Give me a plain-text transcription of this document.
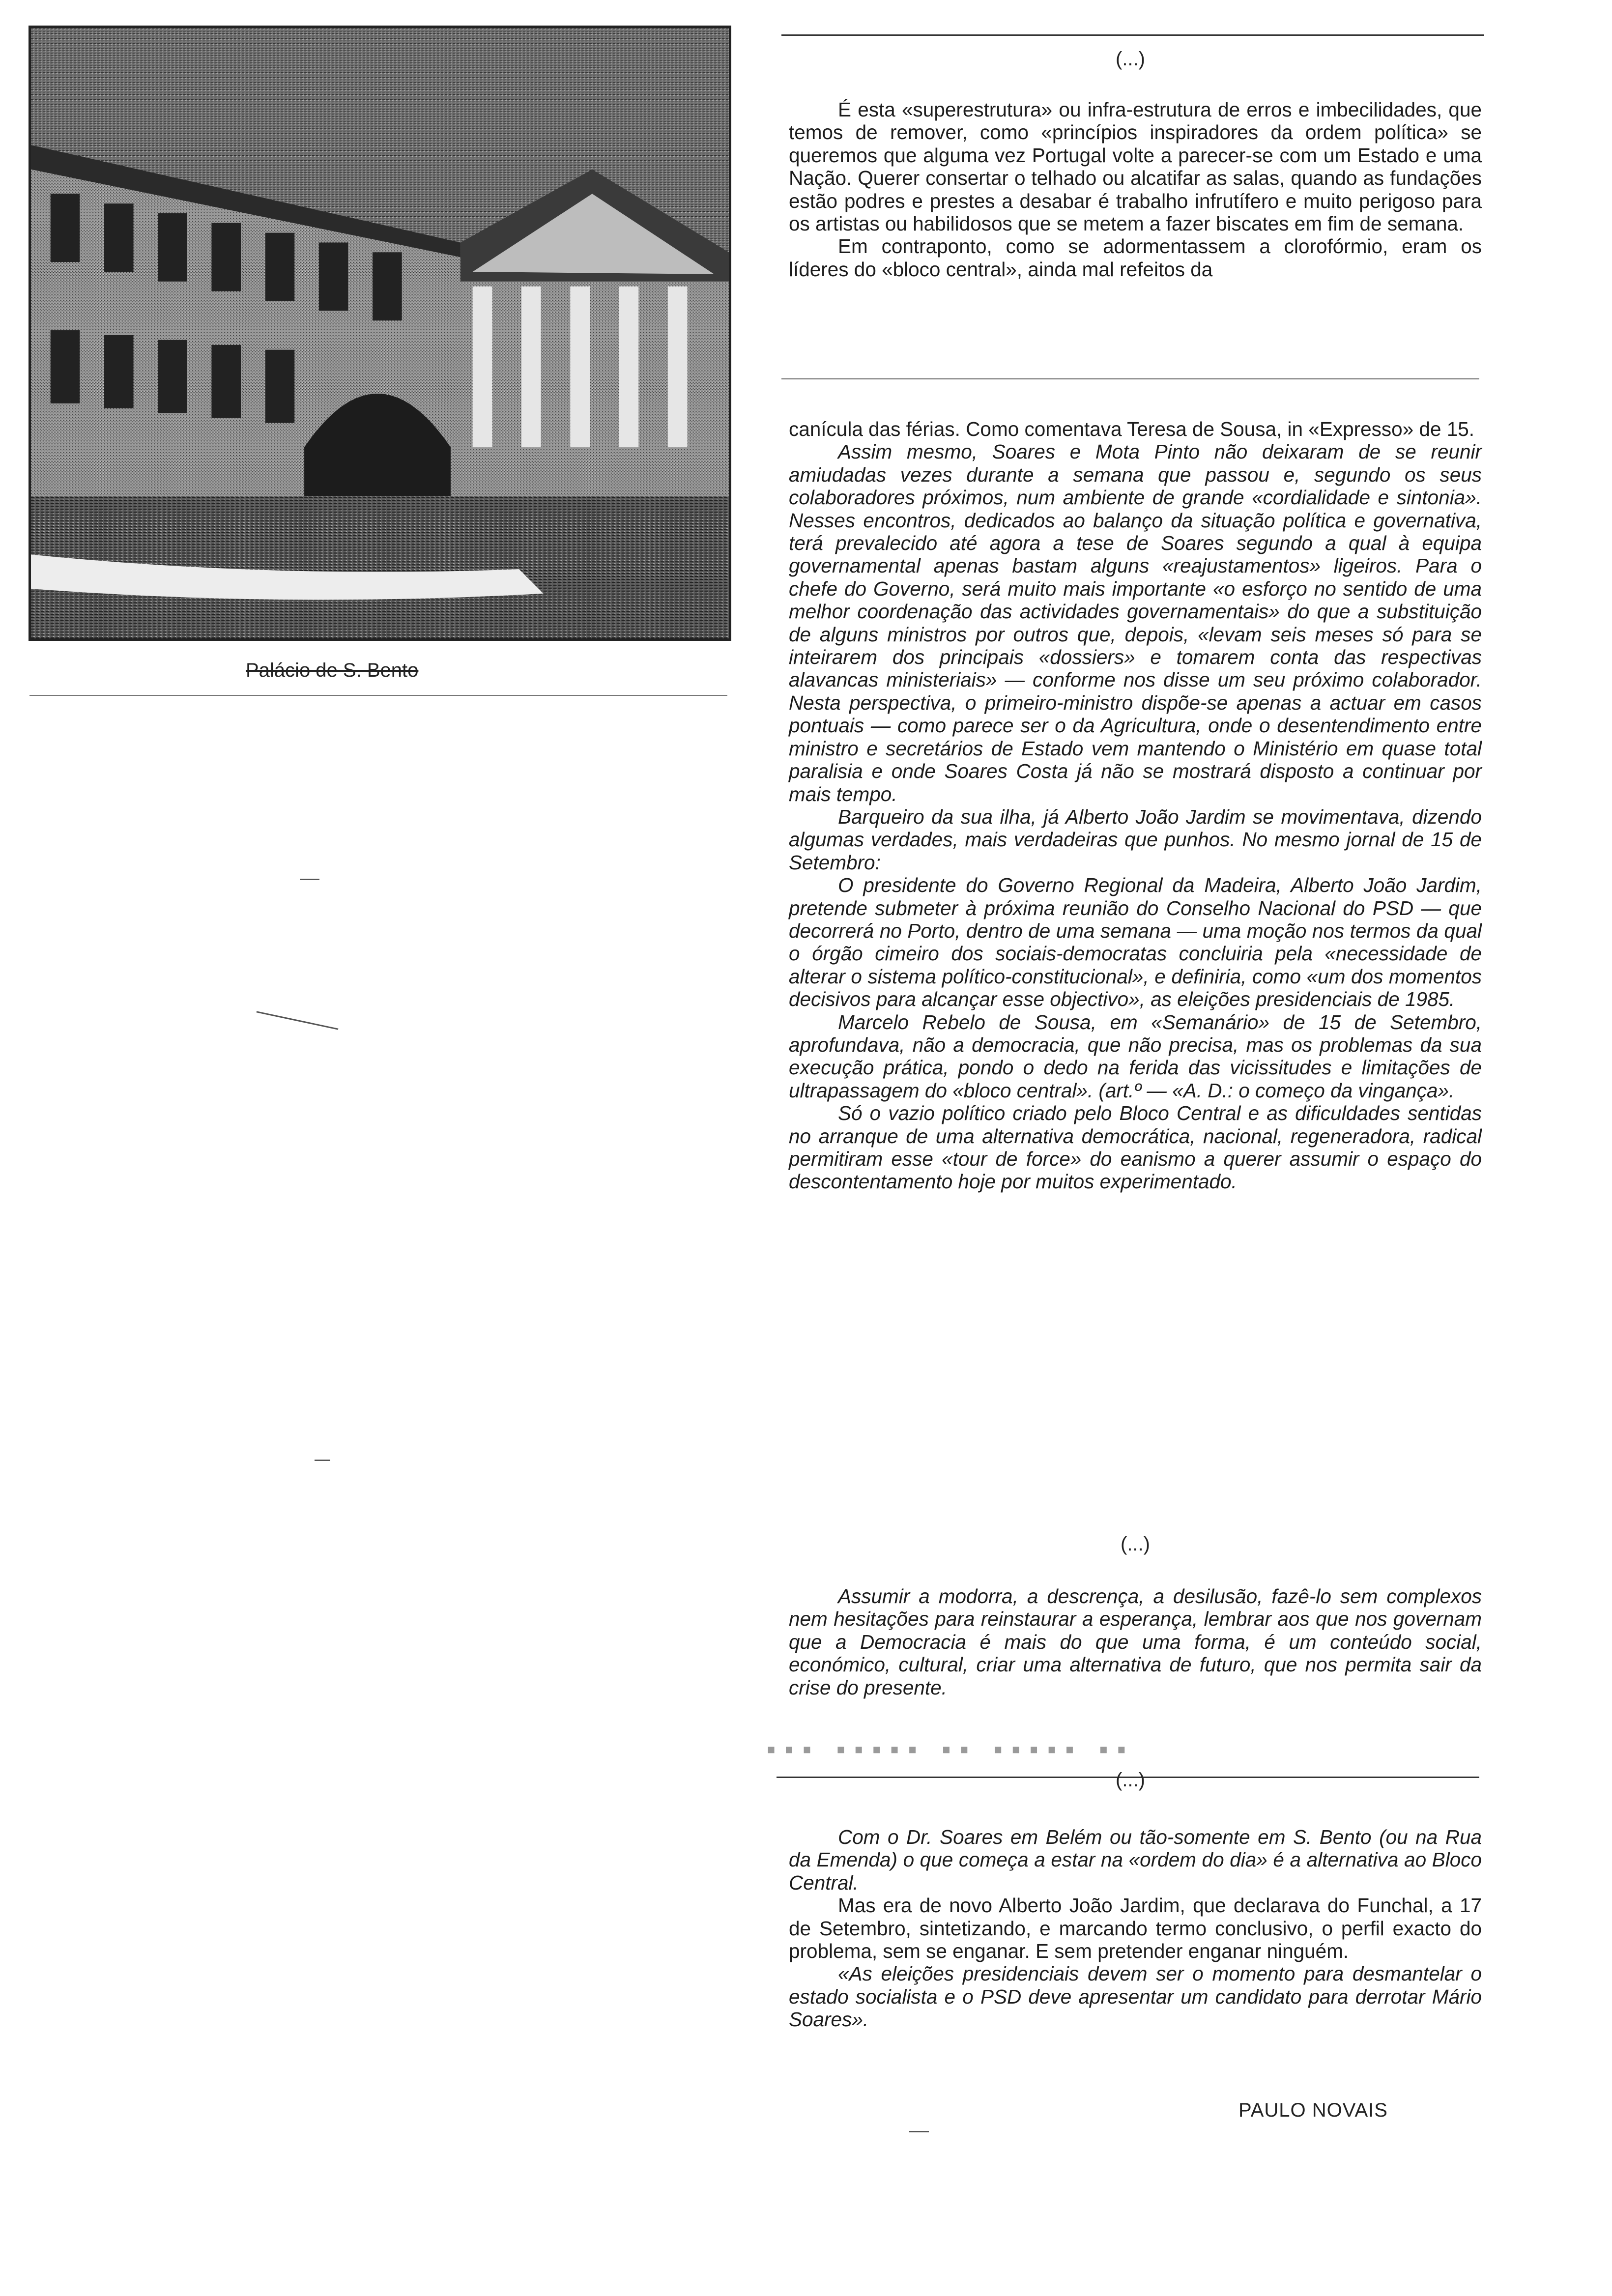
Palácio de S. Bento
(...)

É esta «superestrutura» ou infra-estrutura de erros e imbecilidades, que temos de remover, como «princípios inspiradores da ordem política» se queremos que alguma vez Portugal volte a parecer-se com um Estado e uma Nação. Querer consertar o telhado ou alcatifar as salas, quando as fundações estão podres e prestes a desabar é trabalho infrutífero e muito perigoso para os artistas ou habilidosos que se metem a fazer biscates em fim de semana.

Em contraponto, como se adormentassem a clorofórmio, eram os líderes do «bloco central», ainda mal refeitos da

canícula das férias. Como comentava Teresa de Sousa, in «Expresso» de 15.

Assim mesmo, Soares e Mota Pinto não deixaram de se reunir amiudadas vezes durante a semana que passou e, segundo os seus colaboradores próximos, num ambiente de grande «cordialidade e sintonia». Nesses encontros, dedicados ao balanço da situação política e governativa, terá prevalecido até agora a tese de Soares segundo a qual à equipa governamental apenas bastam alguns «reajustamentos» ligeiros. Para o chefe do Governo, será muito mais importante «o esforço no sentido de uma melhor coordenação das actividades governamentais» do que a substituição de alguns ministros por outros que, depois, «levam seis meses só para se inteirarem dos principais «dossiers» e tomarem conta das respectivas alavancas ministeriais» — conforme nos disse um seu próximo colaborador. Nesta perspectiva, o primeiro-ministro dispõe-se apenas a actuar em casos pontuais — como parece ser o da Agricultura, onde o desentendimento entre ministro e secretários de Estado vem mantendo o Ministério em quase total paralisia e onde Soares Costa já não se mostrará disposto a continuar por mais tempo.

Barqueiro da sua ilha, já Alberto João Jardim se movimentava, dizendo algumas verdades, mais verdadeiras que punhos. No mesmo jornal de 15 de Setembro:

O presidente do Governo Regional da Madeira, Alberto João Jardim, pretende submeter à próxima reunião do Conselho Nacional do PSD — que decorrerá no Porto, dentro de uma semana — uma moção nos termos da qual o órgão cimeiro dos sociais-democratas concluiria pela «necessidade de alterar o sistema político-constitucional», e definiria, como «um dos momentos decisivos para alcançar esse objectivo», as eleições presidenciais de 1985.

Marcelo Rebelo de Sousa, em «Semanário» de 15 de Setembro, aprofundava, não a democracia, que não precisa, mas os problemas da sua execução prática, pondo o dedo na ferida das vicissitudes e limitações de ultrapassagem do «bloco central». (art.º — «A. D.: o começo da vingança».

Só o vazio político criado pelo Bloco Central e as dificuldades sentidas no arranque de uma alternativa democrática, nacional, regeneradora, radical permitiram esse «tour de force» do eanismo a querer assumir o espaço do descontentamento hoje por muitos experimentado.

(...)

Assumir a modorra, a descrença, a desilusão, fazê-lo sem complexos nem hesitações para reinstaurar a esperança, lembrar aos que nos governam que a Democracia é mais do que uma forma, é um conteúdo social, económico, cultural, criar uma alternativa de futuro, que nos permita sair da crise do presente.

▪▪▪ ▪▪▪▪▪ ▪▪ ▪▪▪▪▪ ▪▪
(...)

Com o Dr. Soares em Belém ou tão-somente em S. Bento (ou na Rua da Emenda) o que começa a estar na «ordem do dia» é a alternativa ao Bloco Central.

Mas era de novo Alberto João Jardim, que declarava do Funchal, a 17 de Setembro, sintetizando, e marcando termo conclusivo, o perfil exacto do problema, sem se enganar. E sem pretender enganar ninguém.

«As eleições presidenciais devem ser o momento para desmantelar o estado socialista e o PSD deve apresentar um candidato para derrotar Mário Soares».

PAULO NOVAIS
